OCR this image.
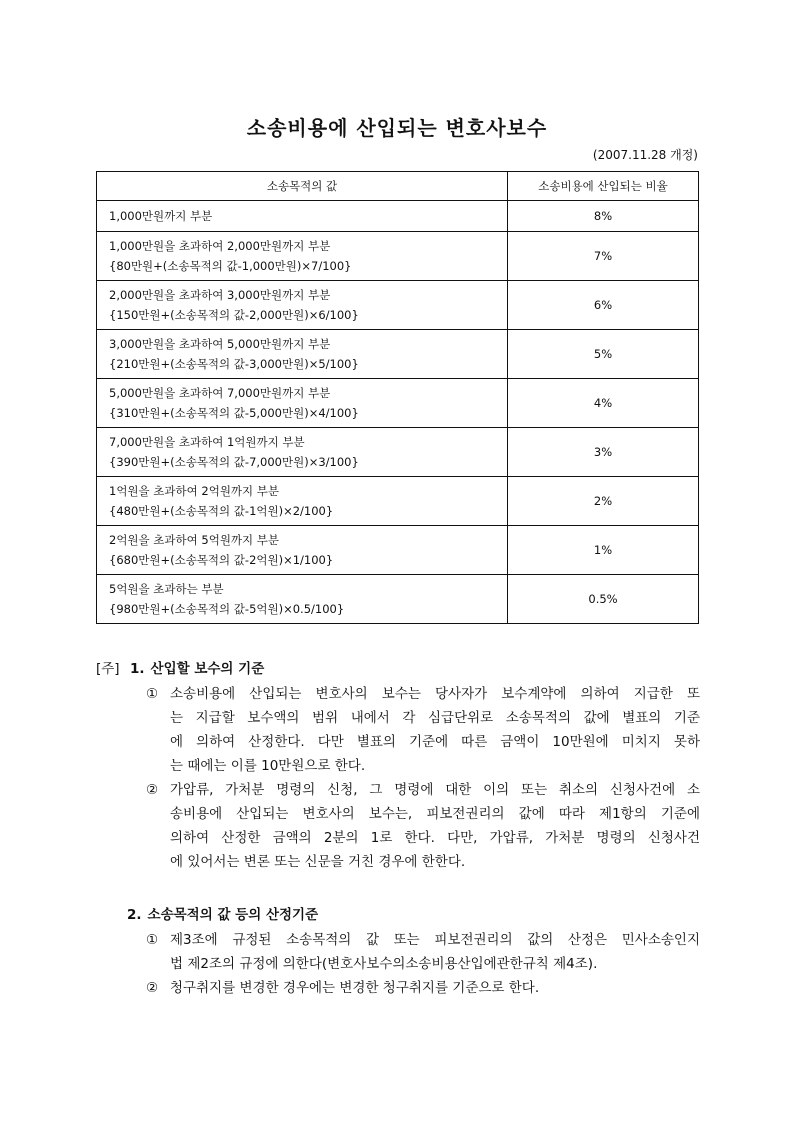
소송비용에 산입되는 변호사보수
(2007.11.28 개정)
소송목적의 값	소송비용에 산입되는 비율

1,000만원까지 부분	8%

1,000만원을 초과하여 2,000만원까지 부분
{80만원+(소송목적의 값-1,000만원)×7/100}	7%

2,000만원을 초과하여 3,000만원까지 부분
{150만원+(소송목적의 값-2,000만원)×6/100}	6%

3,000만원을 초과하여 5,000만원까지 부분
{210만원+(소송목적의 값-3,000만원)×5/100}	5%

5,000만원을 초과하여 7,000만원까지 부분
{310만원+(소송목적의 값-5,000만원)×4/100}	4%

7,000만원을 초과하여 1억원까지 부분
{390만원+(소송목적의 값-7,000만원)×3/100}	3%

1억원을 초과하여 2억원까지 부분
{480만원+(소송목적의 값-1억원)×2/100}	2%

2억원을 초과하여 5억원까지 부분
{680만원+(소송목적의 값-2억원)×1/100}	1%

5억원을 초과하는 부분
{980만원+(소송목적의 값-5억원)×0.5/100}	0.5%
[주] 1. 산입할 보수의 기준
① 소송비용에 산입되는 변호사의 보수는 당사자가 보수계약에 의하여 지급한 또
는 지급할 보수액의 범위 내에서 각 심급단위로 소송목적의 값에 별표의 기준
에 의하여 산정한다. 다만 별표의 기준에 따른 금액이 10만원에 미치지 못하
는 때에는 이를 10만원으로 한다.
② 가압류, 가처분 명령의 신청, 그 명령에 대한 이의 또는 취소의 신청사건에 소
송비용에 산입되는 변호사의 보수는, 피보전권리의 값에 따라 제1항의 기준에
의하여 산정한 금액의 2분의 1로 한다. 다만, 가압류, 가처분 명령의 신청사건
에 있어서는 변론 또는 신문을 거친 경우에 한한다.
2. 소송목적의 값 등의 산정기준
① 제3조에 규정된 소송목적의 값 또는 피보전권리의 값의 산정은 민사소송인지
법 제2조의 규정에 의한다(변호사보수의소송비용산입에관한규칙 제4조).
② 청구취지를 변경한 경우에는 변경한 청구취지를 기준으로 한다.
